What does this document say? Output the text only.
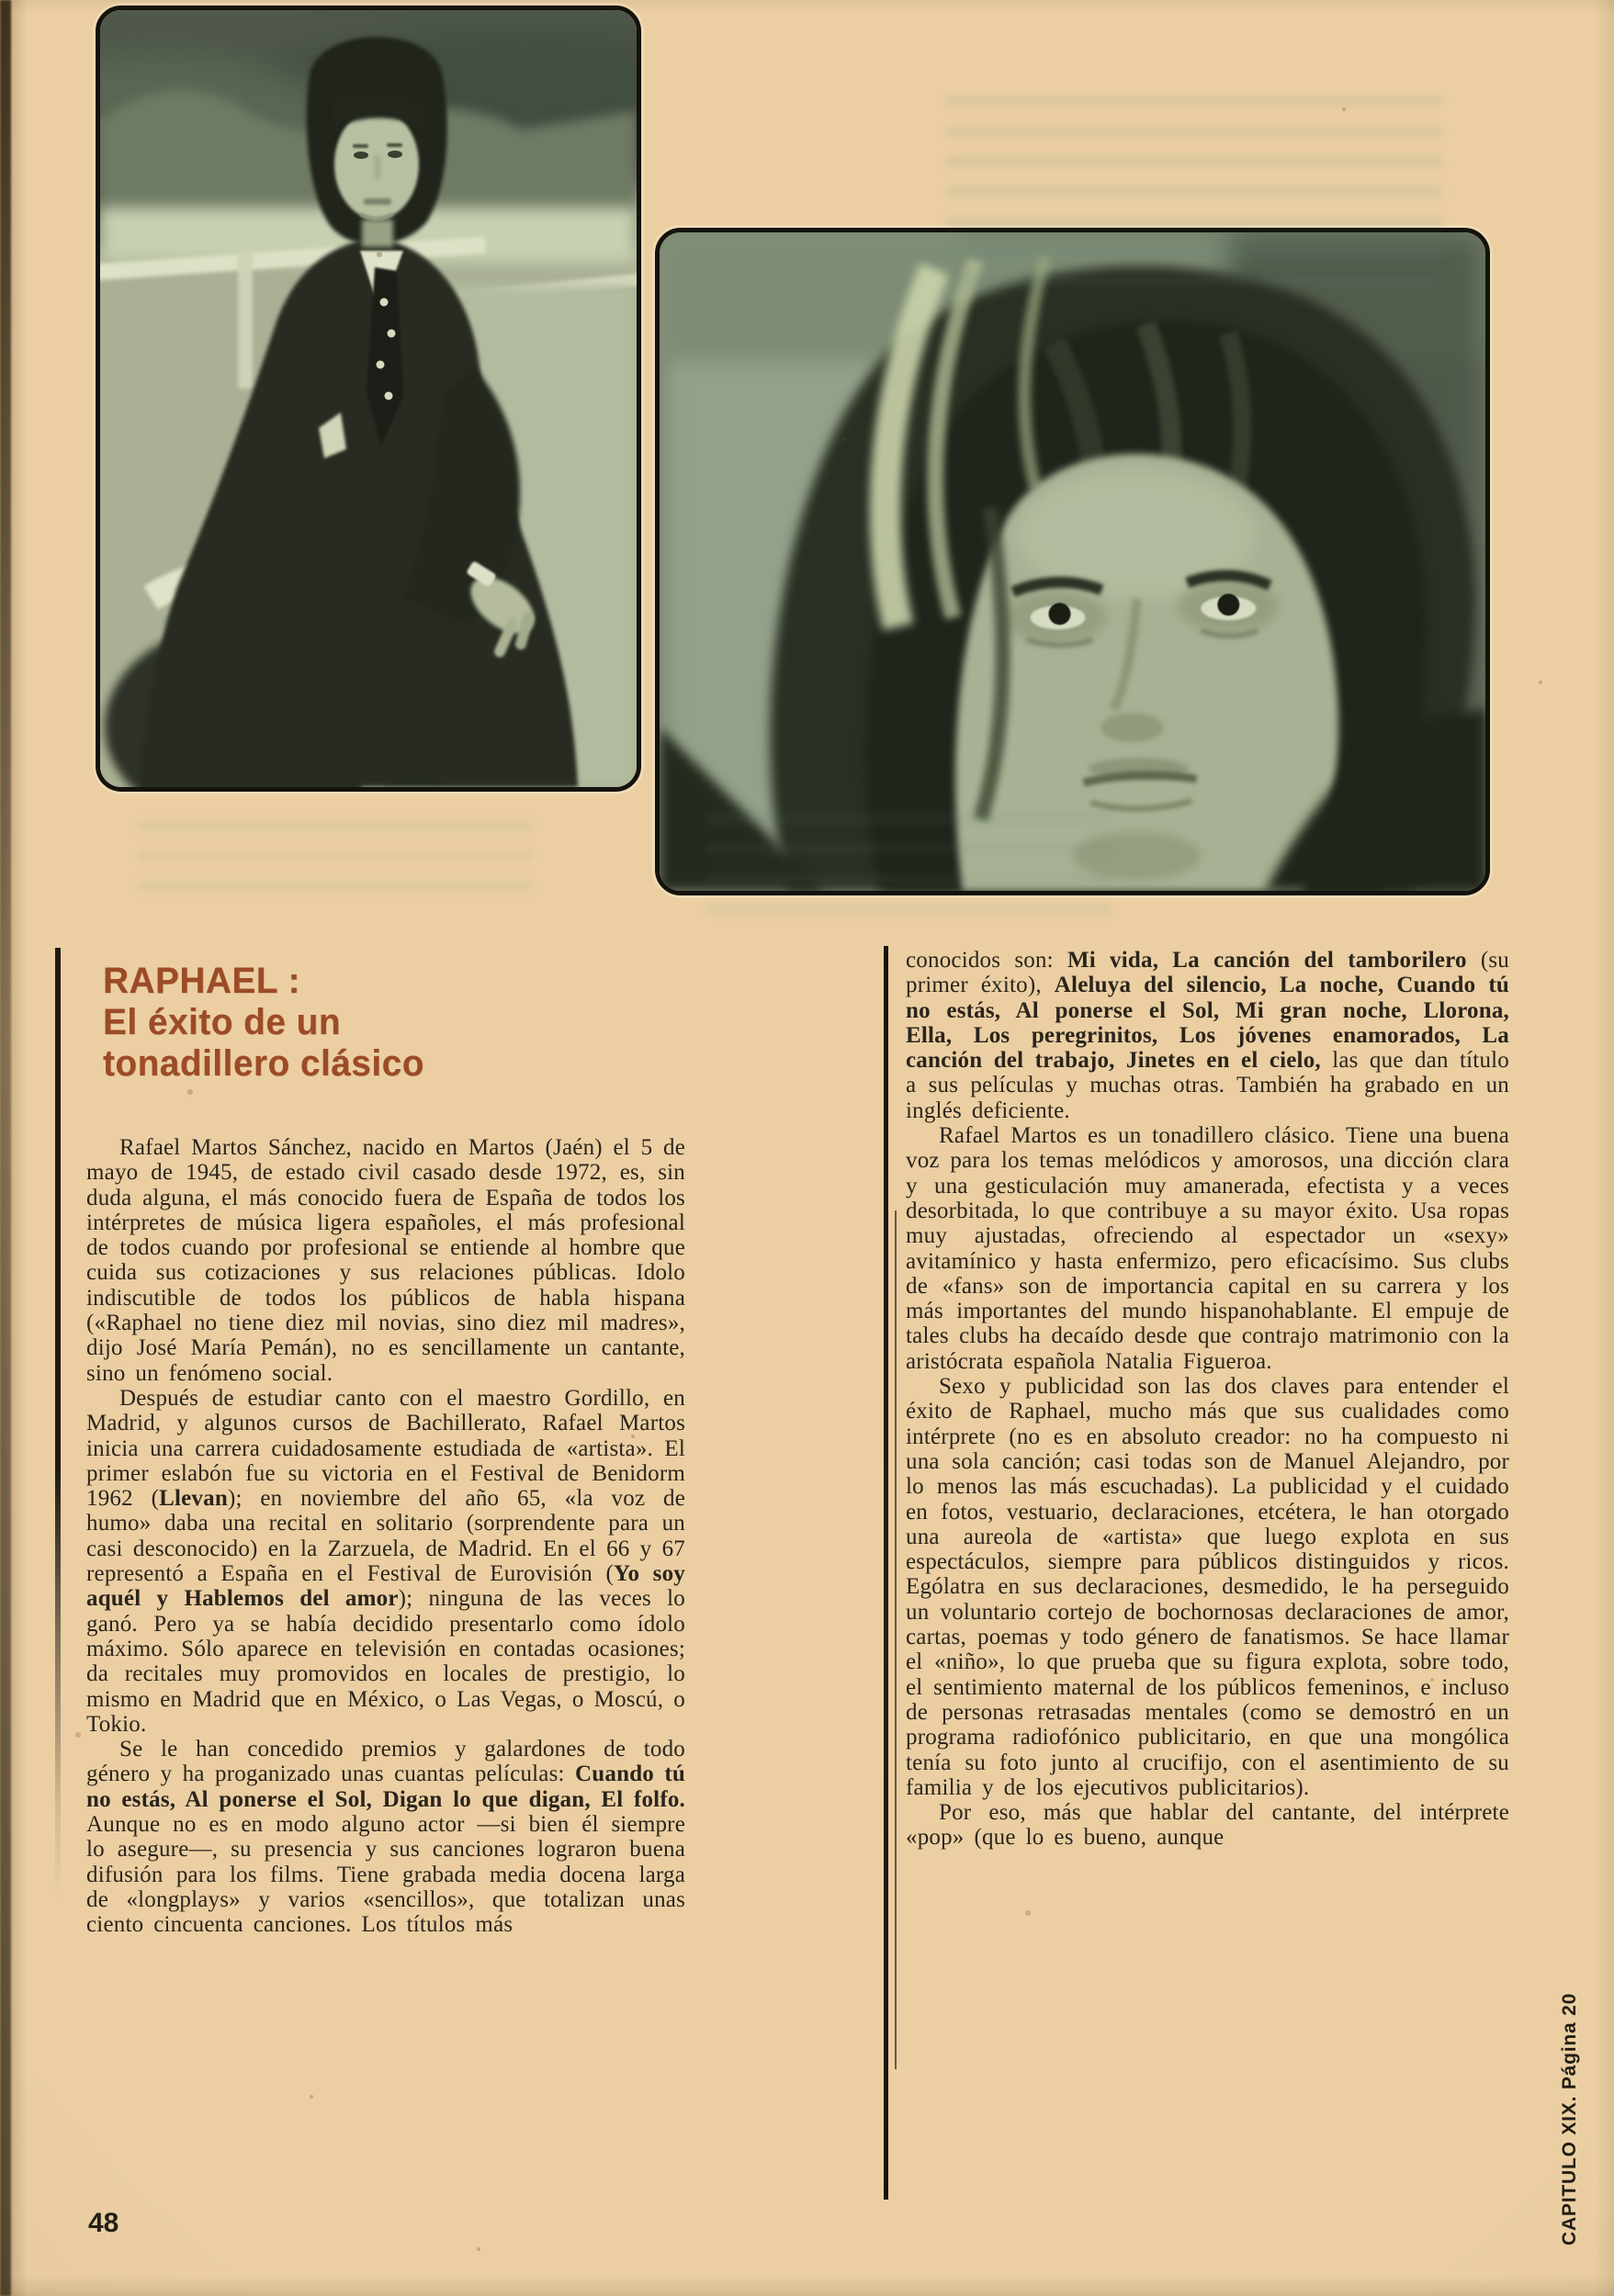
RAPHAEL :
El éxito de un
tonadillero clásico

Rafael Martos Sánchez, nacido en Martos (Jaén) el 5 de mayo de 1945, de estado civil casado desde 1972, es, sin duda alguna, el más conocido fuera de España de todos los intérpretes de música ligera españoles, el más profesional de todos cuando por profesional se entiende al hombre que cuida sus cotizaciones y sus relaciones públicas. Idolo indiscutible de todos los públicos de habla hispana («Raphael no tiene diez mil novias, sino diez mil madres», dijo José María Pemán), no es sencillamente un cantante, sino un fenómeno social.

Después de estudiar canto con el maestro Gordillo, en Madrid, y algunos cursos de Bachillerato, Rafael Martos inicia una carrera cuidadosamente estudiada de «artista». El primer eslabón fue su victoria en el Festival de Benidorm 1962 (Llevan); en noviembre del año 65, «la voz de humo» daba una recital en solitario (sorprendente para un casi desconocido) en la Zarzuela, de Madrid. En el 66 y 67 representó a España en el Festival de Eurovisión (Yo soy aquél y Hablemos del amor); ninguna de las veces lo ganó. Pero ya se había decidido presentarlo como ídolo máximo. Sólo aparece en televisión en contadas ocasiones; da recitales muy promovidos en locales de prestigio, lo mismo en Madrid que en México, o Las Vegas, o Moscú, o Tokio.

Se le han concedido premios y galardones de todo género y ha proganizado unas cuantas películas: Cuando tú no estás, Al ponerse el Sol, Digan lo que digan, El folfo. Aunque no es en modo alguno actor —si bien él siempre lo asegure—, su presencia y sus canciones lograron buena difusión para los films. Tiene grabada media docena larga de «longplays» y varios «sencillos», que totalizan unas ciento cincuenta canciones. Los títulos más

conocidos son: Mi vida, La canción del tamborilero (su primer éxito), Aleluya del silencio, La noche, Cuando tú no estás, Al ponerse el Sol, Mi gran noche, Llorona, Ella, Los peregrinitos, Los jóvenes enamorados, La canción del trabajo, Jinetes en el cielo, las que dan título a sus películas y muchas otras. También ha grabado en un inglés deficiente.

Rafael Martos es un tonadillero clásico. Tiene una buena voz para los temas melódicos y amorosos, una dicción clara y una gesticulación muy amanerada, efectista y a veces desorbitada, lo que contribuye a su mayor éxito. Usa ropas muy ajustadas, ofreciendo al espectador un «sexy» avitamínico y hasta enfermizo, pero eficacísimo. Sus clubs de «fans» son de importancia capital en su carrera y los más importantes del mundo hispanohablante. El empuje de tales clubs ha decaído desde que contrajo matrimonio con la aristócrata española Natalia Figueroa.

Sexo y publicidad son las dos claves para entender el éxito de Raphael, mucho más que sus cualidades como intérprete (no es en absoluto creador: no ha compuesto ni una sola canción; casi todas son de Manuel Alejandro, por lo menos las más escuchadas). La publicidad y el cuidado en fotos, vestuario, declaraciones, etcétera, le han otorgado una aureola de «artista» que luego explota en sus espectáculos, siempre para públicos distinguidos y ricos. Ególatra en sus declaraciones, desmedido, le ha perseguido un voluntario cortejo de bochornosas declaraciones de amor, cartas, poemas y todo género de fanatismos. Se hace llamar el «niño», lo que prueba que su figura explota, sobre todo, el sentimiento maternal de los públicos femeninos, e incluso de personas retrasadas mentales (como se demostró en un programa radiofónico publicitario, en que una mongólica tenía su foto junto al crucifijo, con el asentimiento de su familia y de los ejecutivos publicitarios).

Por eso, más que hablar del cantante, del intérprete «pop» (que lo es bueno, aunque

48	CAPITULO XIX. Página 20
